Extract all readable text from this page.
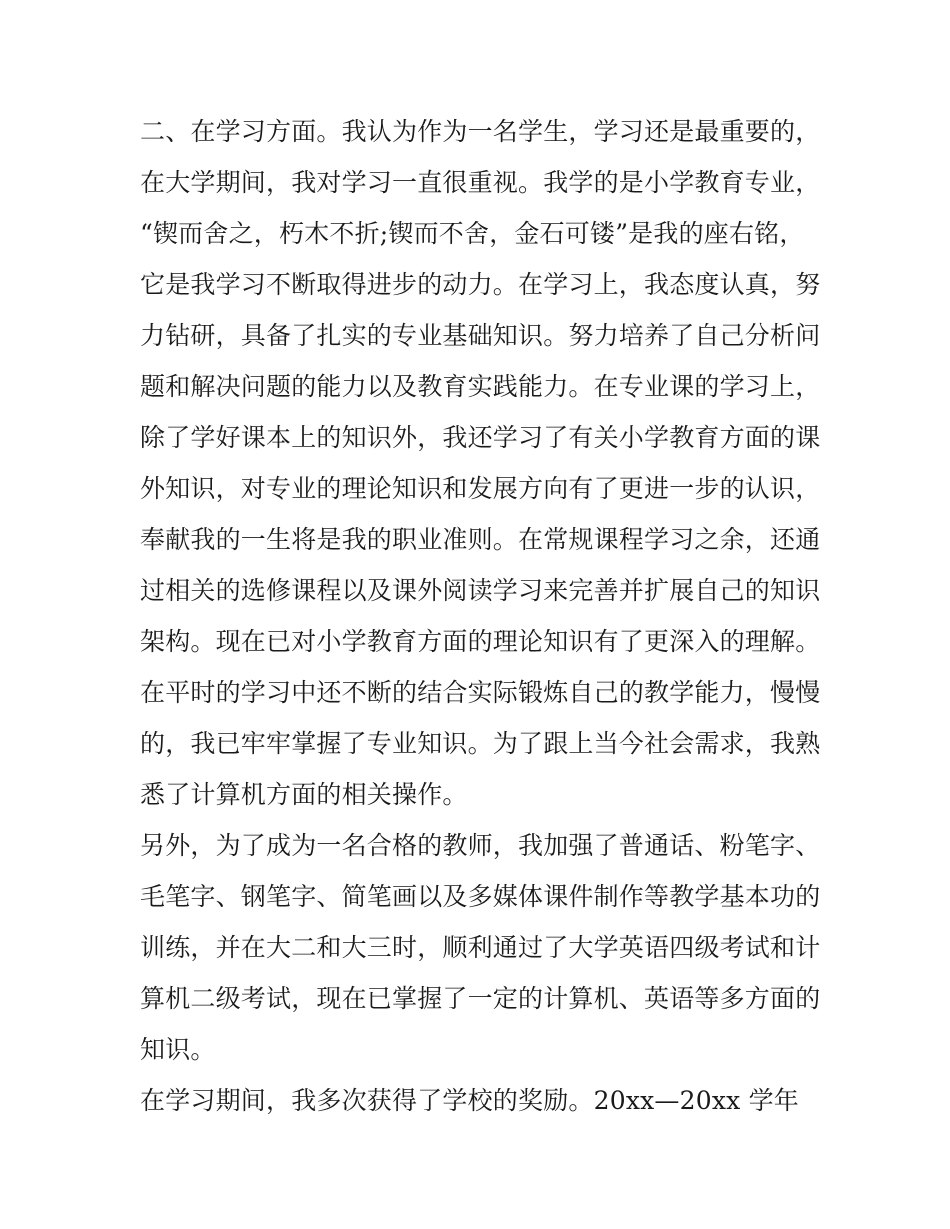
二、在学习方面。我认为作为一名学生，学习还是最重要的，
在大学期间，我对学习一直很重视。我学的是小学教育专业，
“锲而舍之，朽木不折;锲而不舍，金石可镂”是我的座右铭，
它是我学习不断取得进步的动力。在学习上，我态度认真，努
力钻研，具备了扎实的专业基础知识。努力培养了自己分析问
题和解决问题的能力以及教育实践能力。在专业课的学习上，
除了学好课本上的知识外，我还学习了有关小学教育方面的课
外知识，对专业的理论知识和发展方向有了更进一步的认识，
奉献我的一生将是我的职业准则。在常规课程学习之余，还通
过相关的选修课程以及课外阅读学习来完善并扩展自己的知识
架构。现在已对小学教育方面的理论知识有了更深入的理解。
在平时的学习中还不断的结合实际锻炼自己的教学能力，慢慢
的，我已牢牢掌握了专业知识。为了跟上当今社会需求，我熟
悉了计算机方面的相关操作。
另外，为了成为一名合格的教师，我加强了普通话、粉笔字、
毛笔字、钢笔字、简笔画以及多媒体课件制作等教学基本功的
训练，并在大二和大三时，顺利通过了大学英语四级考试和计
算机二级考试，现在已掌握了一定的计算机、英语等多方面的
知识。
在学习期间，我多次获得了学校的奖励。20xx—20xx 学年
